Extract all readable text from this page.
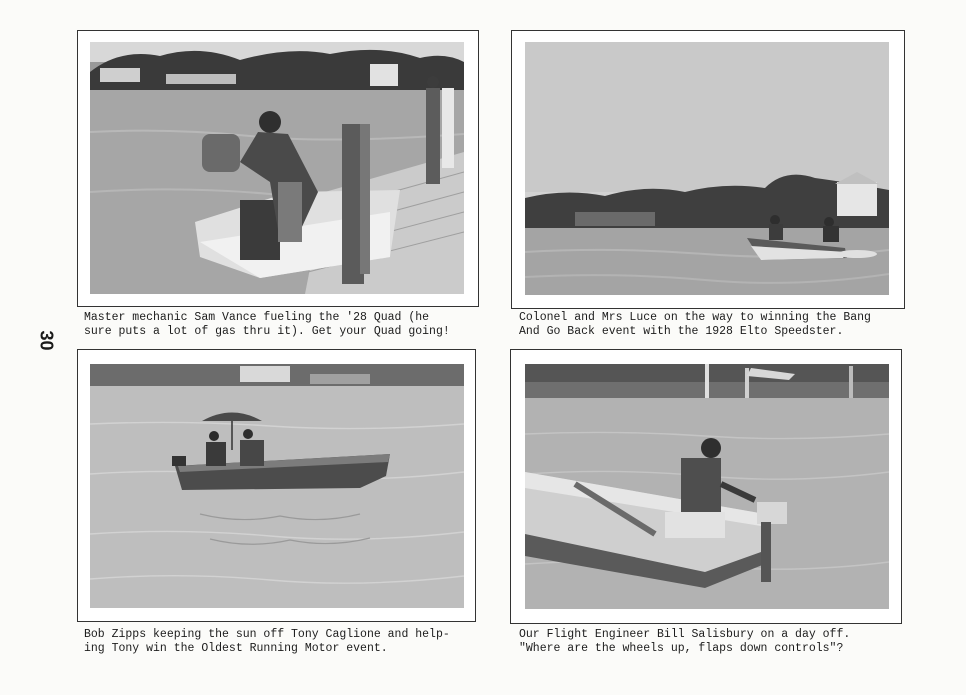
30
Master mechanic Sam Vance fueling the '28 Quad (he
sure puts a lot of gas thru it). Get your Quad going!
Colonel and Mrs Luce on the way to winning the Bang
And Go Back event with the 1928 Elto Speedster.
Bob Zipps keeping the sun off Tony Caglione and help-
ing Tony win the Oldest Running Motor event.
Our Flight Engineer Bill Salisbury on a day off.
"Where are the wheels up, flaps down controls"?
